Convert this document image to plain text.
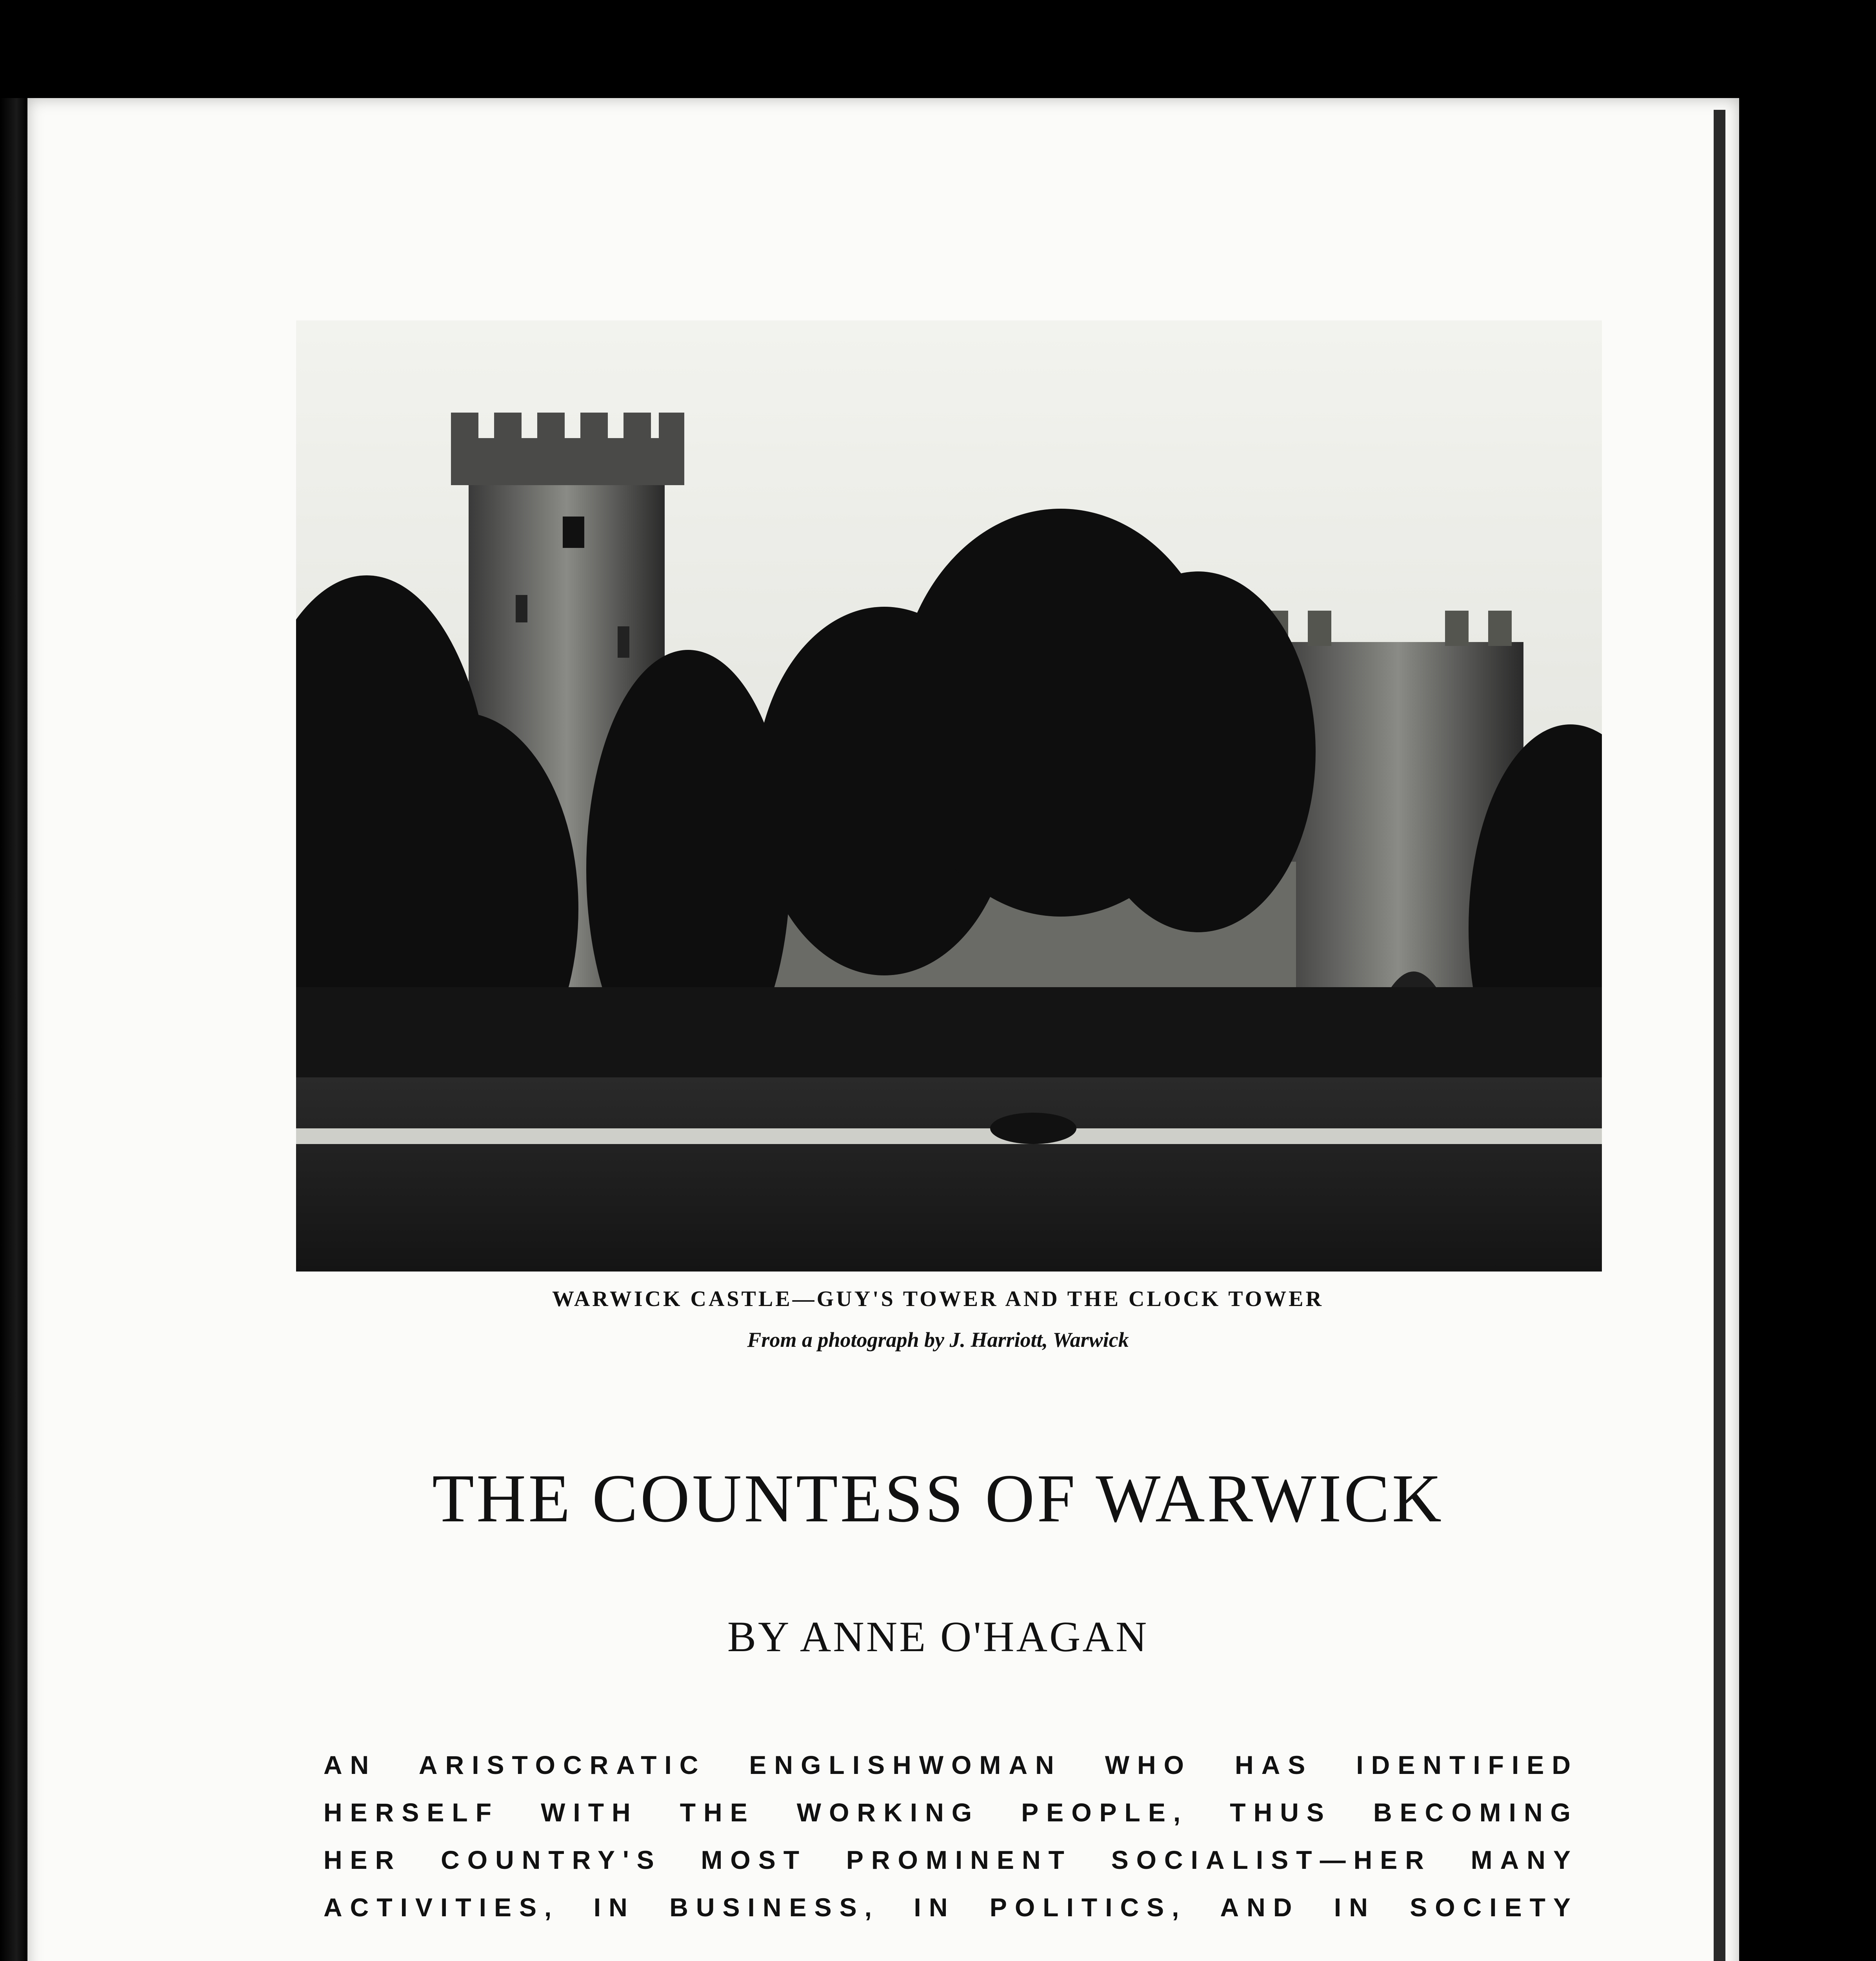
WARWICK CASTLE—GUY'S TOWER AND THE CLOCK TOWER
From a photograph by J. Harriott, Warwick
THE COUNTESS OF WARWICK
BY ANNE O'HAGAN
AN ARISTOCRATIC ENGLISHWOMAN WHO HAS IDENTIFIED
HERSELF WITH THE WORKING PEOPLE, THUS BECOMING
HER COUNTRY'S MOST PROMINENT SOCIALIST—HER MANY
ACTIVITIES, IN BUSINESS, IN POLITICS, AND IN SOCIETY
